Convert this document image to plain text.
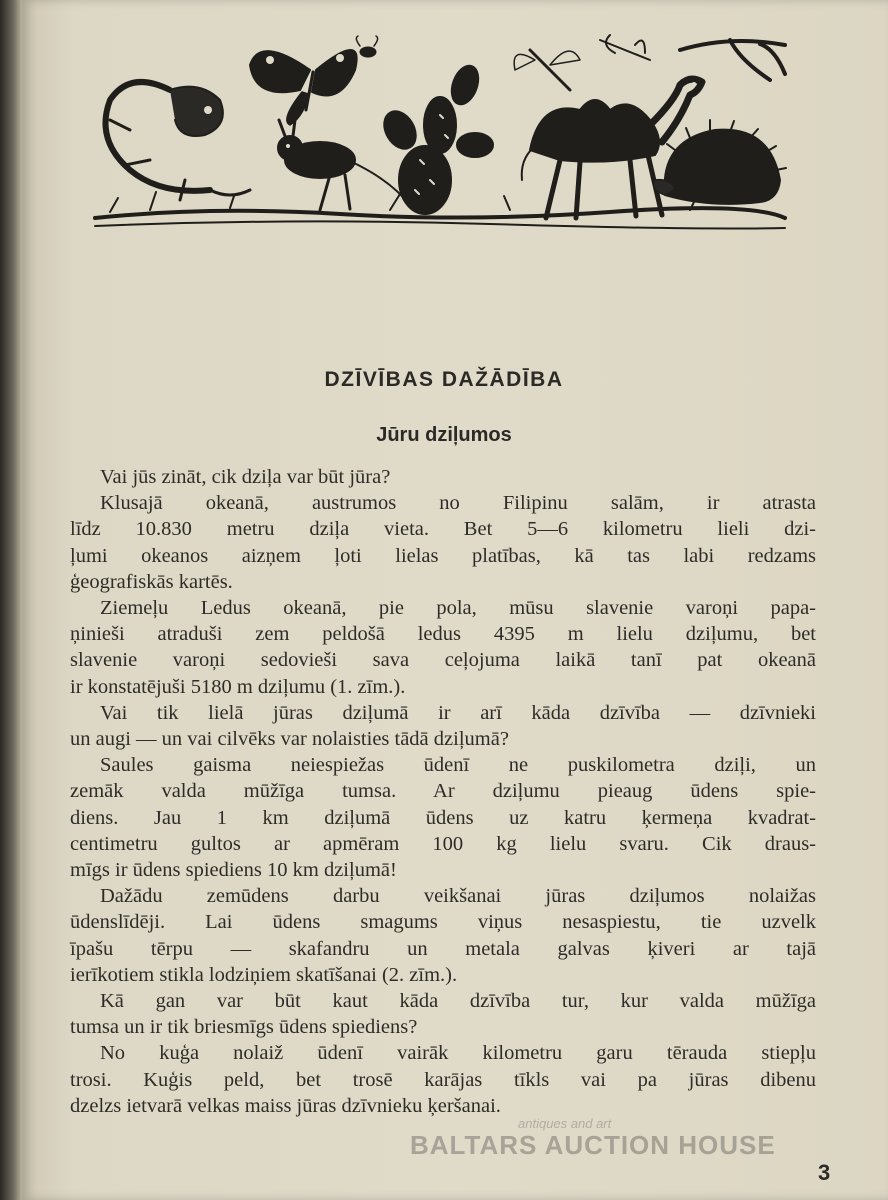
DZĪVĪBAS DAŽĀDĪBA
Jūru dziļumos
Vai jūs zināt, cik dziļa var būt jūra?
Klusajā okeanā, austrumos no Filipinu salām, ir atrasta
līdz 10.830 metru dziļa vieta. Bet 5—6 kilometru lieli dzi-
ļumi okeanos aizņem ļoti lielas platības, kā tas labi redzams
ģeografiskās kartēs.
Ziemeļu Ledus okeanā, pie pola, mūsu slavenie varoņi papa-
ņinieši atraduši zem peldošā ledus 4395 m lielu dziļumu, bet
slavenie varoņi sedovieši sava ceļojuma laikā tanī pat okeanā
ir konstatējuši 5180 m dziļumu (1. zīm.).
Vai tik lielā jūras dziļumā ir arī kāda dzīvība — dzīvnieki
un augi — un vai cilvēks var nolaisties tādā dziļumā?
Saules gaisma neiespiežas ūdenī ne puskilometra dziļi, un
zemāk valda mūžīga tumsa. Ar dziļumu pieaug ūdens spie-
diens. Jau 1 km dziļumā ūdens uz katru ķermeņa kvadrat-
centimetru gultos ar apmēram 100 kg lielu svaru. Cik draus-
mīgs ir ūdens spiediens 10 km dziļumā!
Dažādu zemūdens darbu veikšanai jūras dziļumos nolaižas
ūdenslīdēji. Lai ūdens smagums viņus nesaspiestu, tie uzvelk
īpašu tērpu — skafandru un metala galvas ķiveri ar tajā
ierīkotiem stikla lodziņiem skatīšanai (2. zīm.).
Kā gan var būt kaut kāda dzīvība tur, kur valda mūžīga
tumsa un ir tik briesmīgs ūdens spiediens?
No kuģa nolaiž ūdenī vairāk kilometru garu tērauda stiepļu
trosi. Kuģis peld, bet trosē karājas tīkls vai pa jūras dibenu
dzelzs ietvarā velkas maiss jūras dzīvnieku ķeršanai.
antiques and art
BALTARS AUCTION HOUSE
3
